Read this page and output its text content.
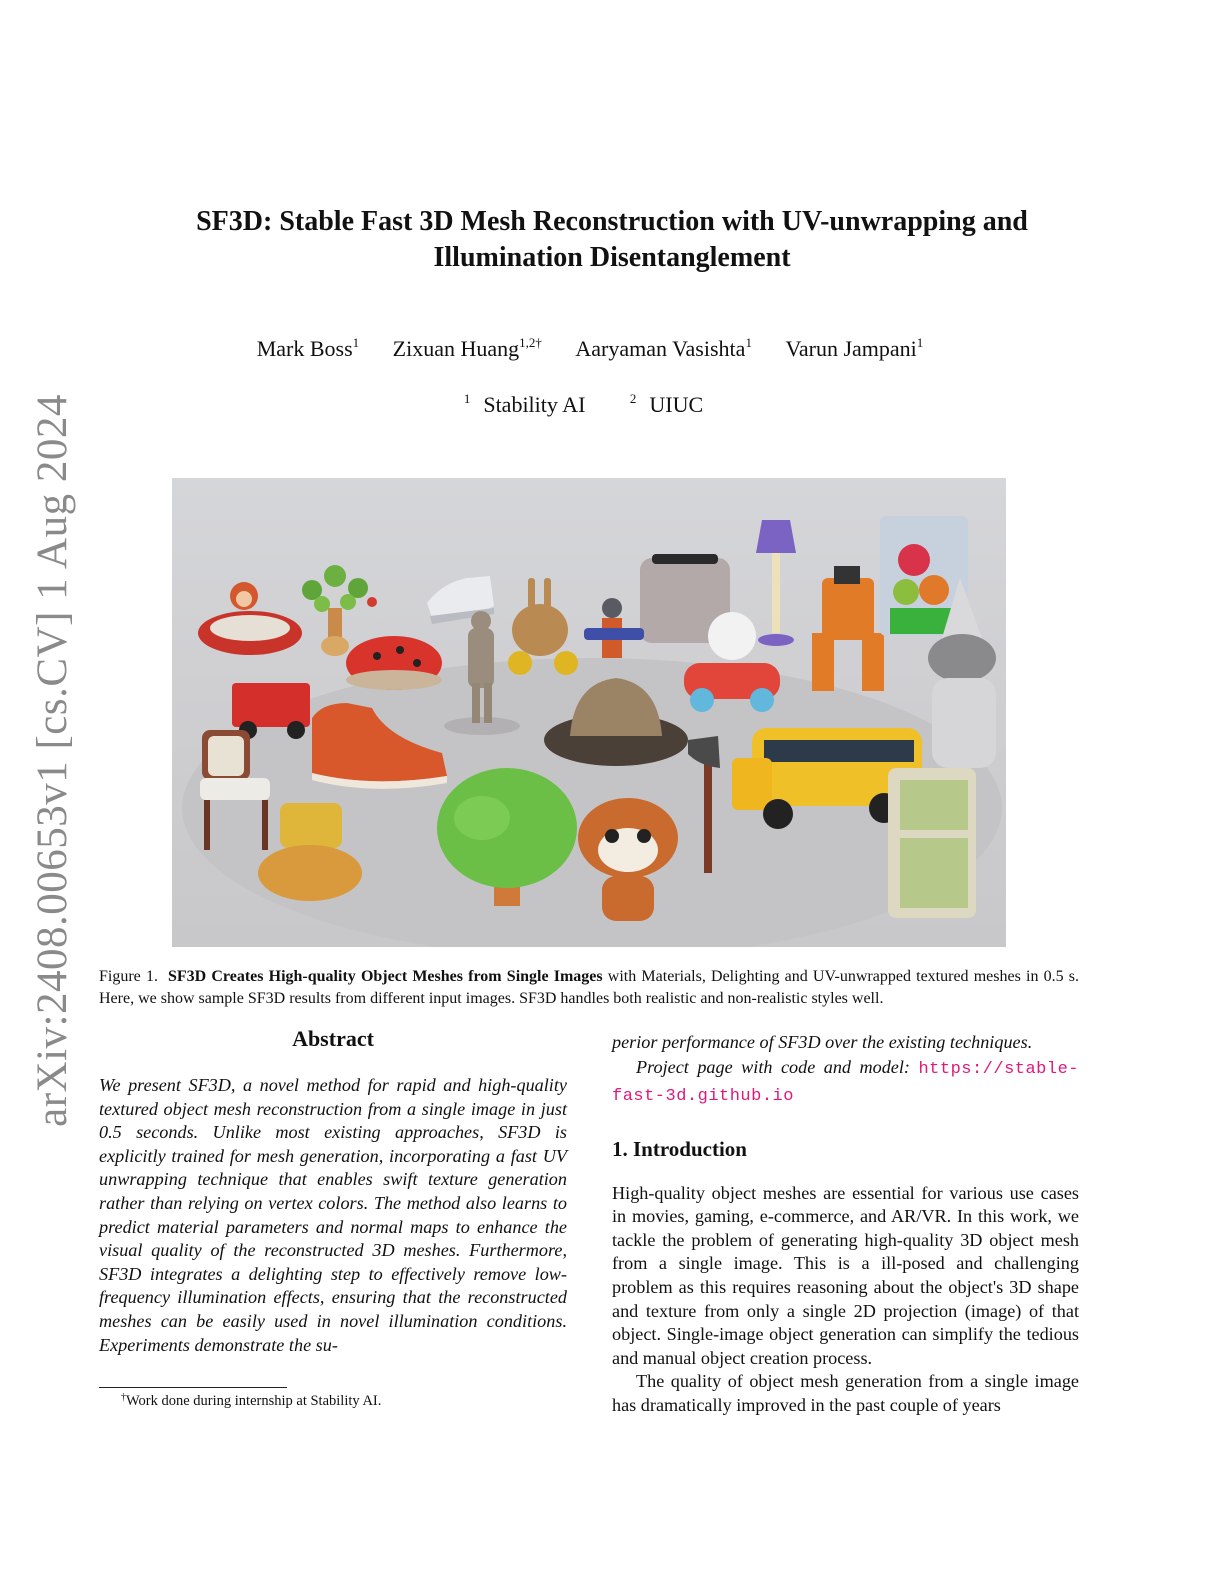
arXiv:2408.00653v1 [cs.CV] 1 Aug 2024
SF3D: Stable Fast 3D Mesh Reconstruction with UV-unwrapping and Illumination Disentanglement
Mark Boss$^1$ Zixuan Huang$^{1,2\dagger}$ Aaryaman Vasishta$^1$ Varun Jampani$^1$
$^1$ Stability AI	$^2$ UIUC
Figure 1. SF3D Creates High-quality Object Meshes from Single Images with Materials, Delighting and UV-unwrapped textured meshes in 0.5 s. Here, we show sample SF3D results from different input images. SF3D handles both realistic and non-realistic styles well.
Abstract

We present SF3D, a novel method for rapid and high-quality textured object mesh reconstruction from a single image in just 0.5 seconds. Unlike most existing approaches, SF3D is explicitly trained for mesh generation, incorporating a fast UV unwrapping technique that enables swift texture generation rather than relying on vertex colors. The method also learns to predict material parameters and normal maps to enhance the visual quality of the reconstructed 3D meshes. Furthermore, SF3D integrates a delighting step to effectively remove low-frequency illumination effects, ensuring that the reconstructed meshes can be easily used in novel illumination conditions. Experiments demonstrate the su-

perior performance of SF3D over the existing techniques.

Project page with code and model: https://stable-fast-3d.github.io

1. Introduction

High-quality object meshes are essential for various use cases in movies, gaming, e-commerce, and AR/VR. In this work, we tackle the problem of generating high-quality 3D object mesh from a single image. This is a ill-posed and challenging problem as this requires reasoning about the object's 3D shape and texture from only a single 2D projection (image) of that object. Single-image object generation can simplify the tedious and manual object creation process.

The quality of object mesh generation from a single image has dramatically improved in the past couple of years

†Work done during internship at Stability AI.
